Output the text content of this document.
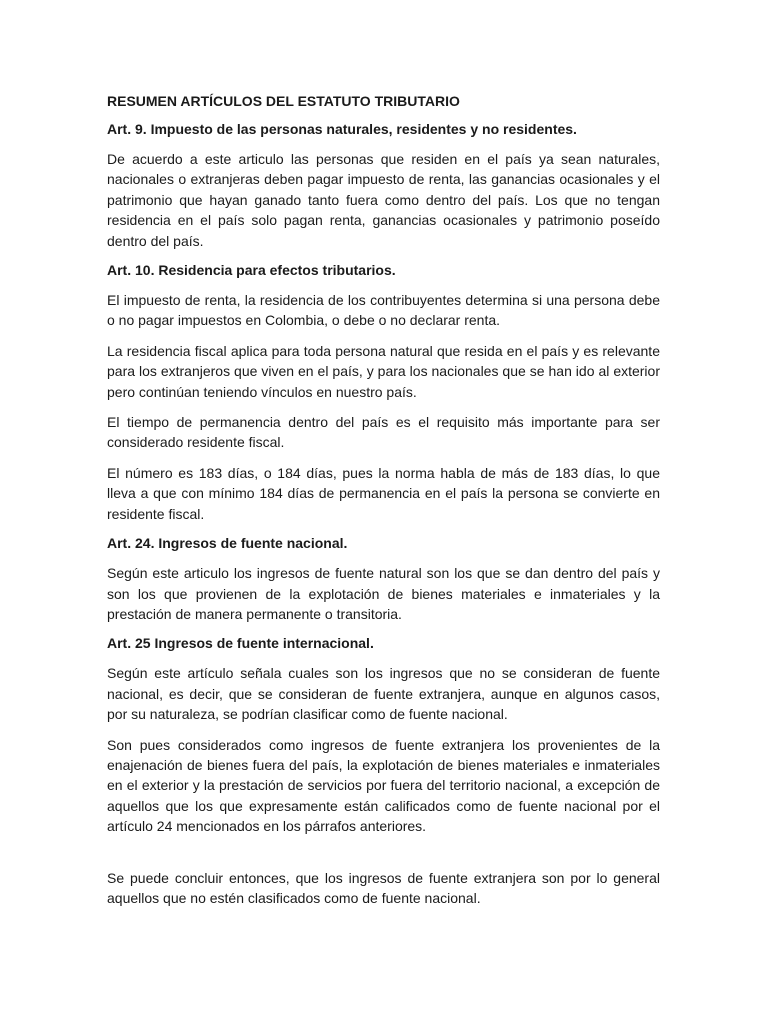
RESUMEN ARTÍCULOS DEL ESTATUTO TRIBUTARIO
Art. 9. Impuesto de las personas naturales, residentes y no residentes.

De acuerdo a este articulo las personas que residen en el país ya sean naturales, nacionales o extranjeras deben pagar impuesto de renta, las ganancias ocasionales y el patrimonio que hayan ganado tanto fuera como dentro del país. Los que no tengan residencia en el país solo pagan renta, ganancias ocasionales y patrimonio poseído dentro del país.

Art. 10. Residencia para efectos tributarios.

El impuesto de renta, la residencia de los contribuyentes determina si una persona debe o no pagar impuestos en Colombia, o debe o no declarar renta.

La residencia fiscal aplica para toda persona natural que resida en el país y es relevante para los extranjeros que viven en el país, y para los nacionales que se han ido al exterior pero continúan teniendo vínculos en nuestro país.

El tiempo de permanencia dentro del país es el requisito más importante para ser considerado residente fiscal.

El número es 183 días, o 184 días, pues la norma habla de más de 183 días, lo que lleva a que con mínimo 184 días de permanencia en el país la persona se convierte en residente fiscal.

Art. 24. Ingresos de fuente nacional.

Según este articulo los ingresos de fuente natural son los que se dan dentro del país y son los que provienen de la explotación de bienes materiales e inmateriales y la prestación de manera permanente o transitoria.

Art. 25 Ingresos de fuente internacional.

Según este artículo señala cuales son los ingresos que no se consideran de fuente nacional, es decir, que se consideran de fuente extranjera, aunque en algunos casos, por su naturaleza, se podrían clasificar como de fuente nacional.

Son pues considerados como ingresos de fuente extranjera los provenientes de la enajenación de bienes fuera del país, la explotación de bienes materiales e inmateriales en el exterior y la prestación de servicios por fuera del territorio nacional, a excepción de aquellos que los que expresamente están calificados como de fuente nacional por el artículo 24 mencionados en los párrafos anteriores.

Se puede concluir entonces, que los ingresos de fuente extranjera son por lo general aquellos que no estén clasificados como de fuente nacional.
